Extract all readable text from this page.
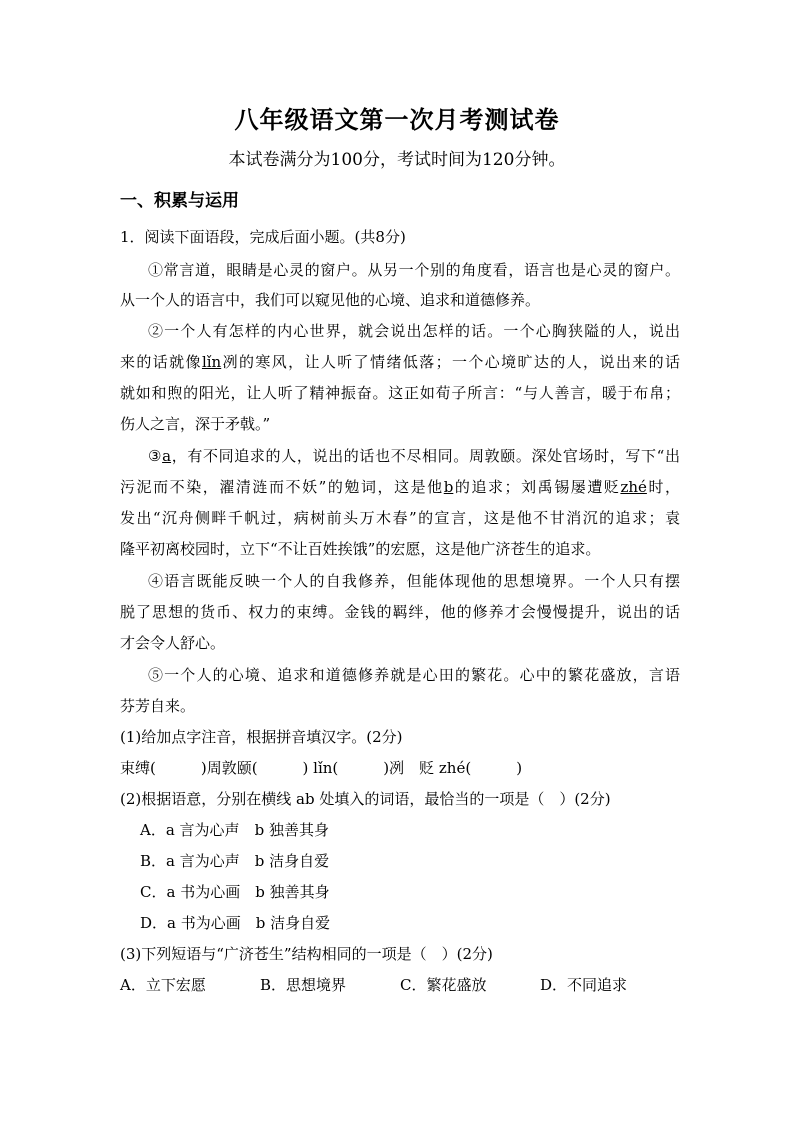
八年级语文第一次月考测试卷
本试卷满分为100分，考试时间为120分钟。
一、积累与运用
1．阅读下面语段，完成后面小题。(共8分)
①常言道，眼睛是心灵的窗户。从另一个别的角度看，语言也是心灵的窗户。
从一个人的语言中，我们可以窥见他的心境、追求和道德修养。
②一个人有怎样的内心世界，就会说出怎样的话。一个心胸狭隘的人，说出
来的话就像lǐn冽的寒风，让人听了情绪低落；一个心境旷达的人，说出来的话
就如和煦的阳光，让人听了精神振奋。这正如荀子所言：“与人善言，暖于布帛；
伤人之言，深于矛戟。”
③a，有不同追求的人，说出的话也不尽相同。周敦颐。深处官场时，写下“出
污泥而不染，濯清涟而不妖”的勉词，这是他b的追求；刘禹锡屡遭贬zhé时，
发出“沉舟侧畔千帆过，病树前头万木春”的宣言，这是他不甘消沉的追求；袁
隆平初离校园时，立下“不让百姓挨饿”的宏愿，这是他广济苍生的追求。
④语言既能反映一个人的自我修养，但能体现他的思想境界。一个人只有摆
脱了思想的货币、权力的束缚。金钱的羁绊，他的修养才会慢慢提升，说出的话
才会令人舒心。
⑤一个人的心境、追求和道德修养就是心田的繁花。心中的繁花盛放，言语
芬芳自来。
(1)给加点字注音，根据拼音填汉字。(2分)
束缚(　　　)周敦颐(　　　) lǐn(　　　)冽　贬 zhé(　　　)
(2)根据语意，分别在横线 ab 处填入的词语，最恰当的一项是（　）(2分)
A．a 言为心声　 b 独善其身
B．a 言为心声　 b 洁身自爱
C．a 书为心画　 b 独善其身
D．a 书为心画　 b 洁身自爱
(3)下列短语与“广济苍生”结构相同的一项是（　）(2分)
A．立下宏愿	B．思想境界	C．繁花盛放	D．不同追求
